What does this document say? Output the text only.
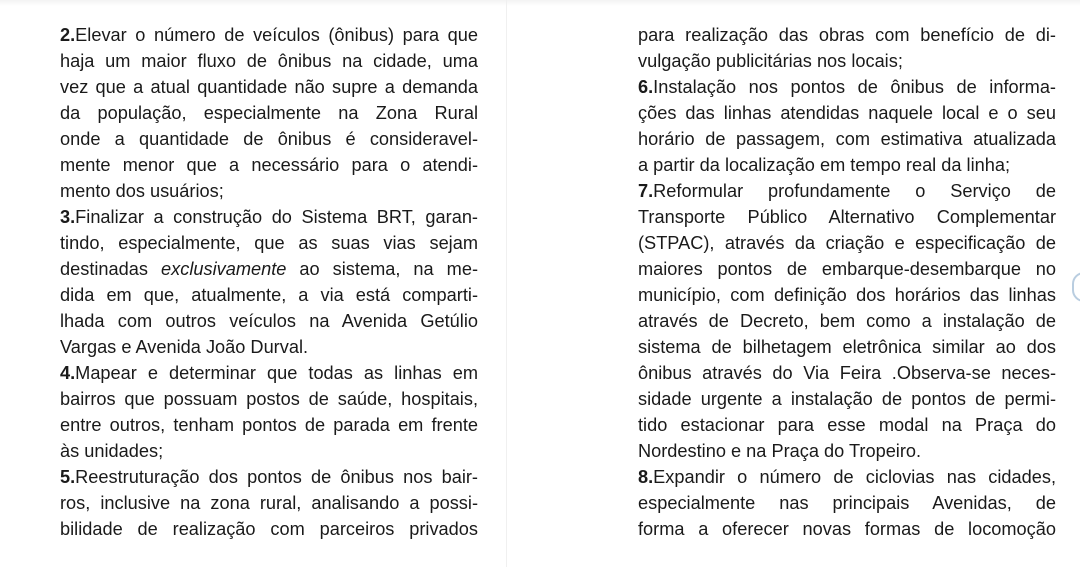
2.Elevar o número de veículos (ônibus) para que
haja um maior fluxo de ônibus na cidade, uma
vez que a atual quantidade não supre a demanda
da população, especialmente na Zona Rural
onde a quantidade de ônibus é consideravel-
mente menor que a necessário para o atendi-
mento dos usuários;
3.Finalizar a construção do Sistema BRT, garan-
tindo, especialmente, que as suas vias sejam
destinadas exclusivamente ao sistema, na me-
dida em que, atualmente, a via está comparti-
lhada com outros veículos na Avenida Getúlio
Vargas e Avenida João Durval.
4.Mapear e determinar que todas as linhas em
bairros que possuam postos de saúde, hospitais,
entre outros, tenham pontos de parada em frente
às unidades;
5.Reestruturação dos pontos de ônibus nos bair-
ros, inclusive na zona rural, analisando a possi-
bilidade de realização com parceiros privados
para realização das obras com benefício de di-
vulgação publicitárias nos locais;
6.Instalação nos pontos de ônibus de informa-
ções das linhas atendidas naquele local e o seu
horário de passagem, com estimativa atualizada
a partir da localização em tempo real da linha;
7.Reformular profundamente o Serviço de
Transporte Público Alternativo Complementar
(STPAC), através da criação e especificação de
maiores pontos de embarque-desembarque no
município, com definição dos horários das linhas
através de Decreto, bem como a instalação de
sistema de bilhetagem eletrônica similar ao dos
ônibus através do Via Feira .Observa-se neces-
sidade urgente a instalação de pontos de permi-
tido estacionar para esse modal na Praça do
Nordestino e na Praça do Tropeiro.
8.Expandir o número de ciclovias nas cidades,
especialmente nas principais Avenidas, de
forma a oferecer novas formas de locomoção
